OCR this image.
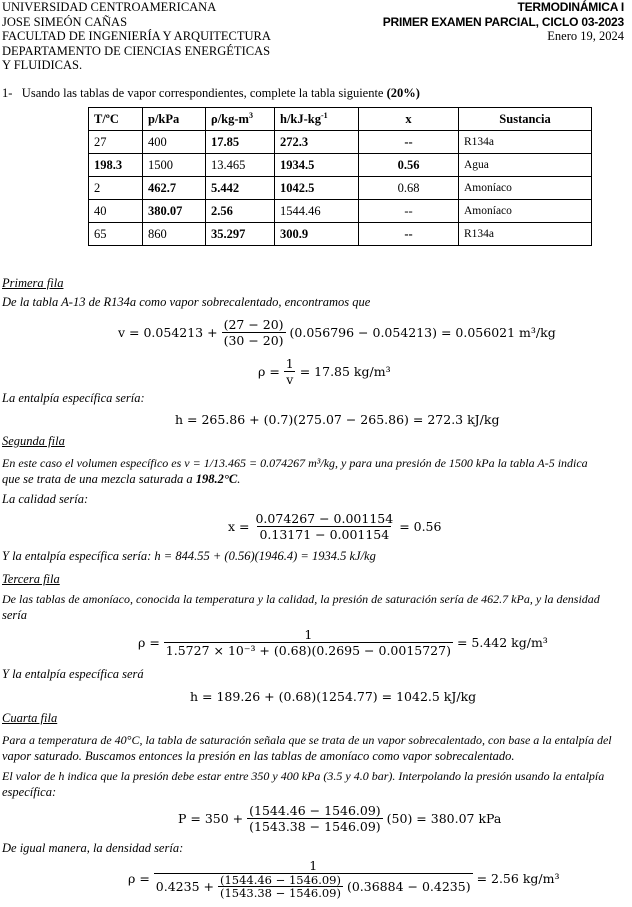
UNIVERSIDAD CENTROAMERICANA
JOSE SIMEÓN CAÑAS
FACULTAD DE INGENIERÍA Y ARQUITECTURA
DEPARTAMENTO DE CIENCIAS ENERGÉTICAS
Y FLUIDICAS.
TERMODINÁMICA I
PRIMER EXAMEN PARCIAL, CICLO 03-2023
Enero 19, 2024
1- Usando las tablas de vapor correspondientes, complete la tabla siguiente (20%)
T/ºC	p/kPa	$\rho/kg-m^3$	$h/kJ-kg^{-1}$	x	Sustancia
27	400	17.85	272.3	--	R134a
198.3	1500	13.465	1934.5	0.56	Agua
2	462.7	5.442	1042.5	0.68	Amoníaco
40	380.07	2.56	1544.46	--	Amoníaco
65	860	35.297	300.9	--	R134a
Primera fila
De la tabla A-13 de R134a como vapor sobrecalentado, encontramos que
v = 0.054213 +
$\frac{(27 - 20)}{(30 - 20)}$
(0.056796 − 0.054213) = 0.056021 m³/kg
ρ =
$\frac{1}{v}$
= 17.85 kg/m³
La entalpía específica sería:
h = 265.86 + (0.7)(275.07 − 265.86) = 272.3 kJ/kg
Segunda fila
En este caso el volumen específico es v = 1/13.465 = 0.074267 m³/kg, y para una presión de 1500 kPa la tabla A-5 indica
que se trata de una mezcla saturada a 198.2°C.
La calidad sería:
x =
$\frac{0.074267 - 0.001154}{0.13171 - 0.001154}$
= 0.56
Y la entalpía específica sería: h = 844.55 + (0.56)(1946.4) = 1934.5 kJ/kg
Tercera fila
De las tablas de amoníaco, conocida la temperatura y la calidad, la presión de saturación sería de 462.7 kPa, y la densidad
sería
ρ =
$\frac{1}{\text{1.5727 × 10⁻³ + (0.68)(0.2695 − 0.0015727)}}$
= 5.442 kg/m³
Y la entalpía específica será
h = 189.26 + (0.68)(1254.77) = 1042.5 kJ/kg
Cuarta fila
Para a temperatura de 40°C, la tabla de saturación señala que se trata de un vapor sobrecalentado, con base a la entalpía del
vapor saturado. Buscamos entonces la presión en las tablas de amoníaco como vapor sobrecalentado.
El valor de h indica que la presión debe estar entre 350 y 400 kPa (3.5 y 4.0 bar). Interpolando la presión usando la entalpía
específica:
P = 350 +
$\frac{(1544.46 - 1546.09)}{(1543.38 - 1546.09)}$
(50) = 380.07 kPa
De igual manera, la densidad sería:
ρ =

1
0.4235 +
$\frac{(1544.46 - 1546.09)}{(1543.38 - 1546.09)}$
(0.36884 − 0.4235)

= 2.56 kg/m³
